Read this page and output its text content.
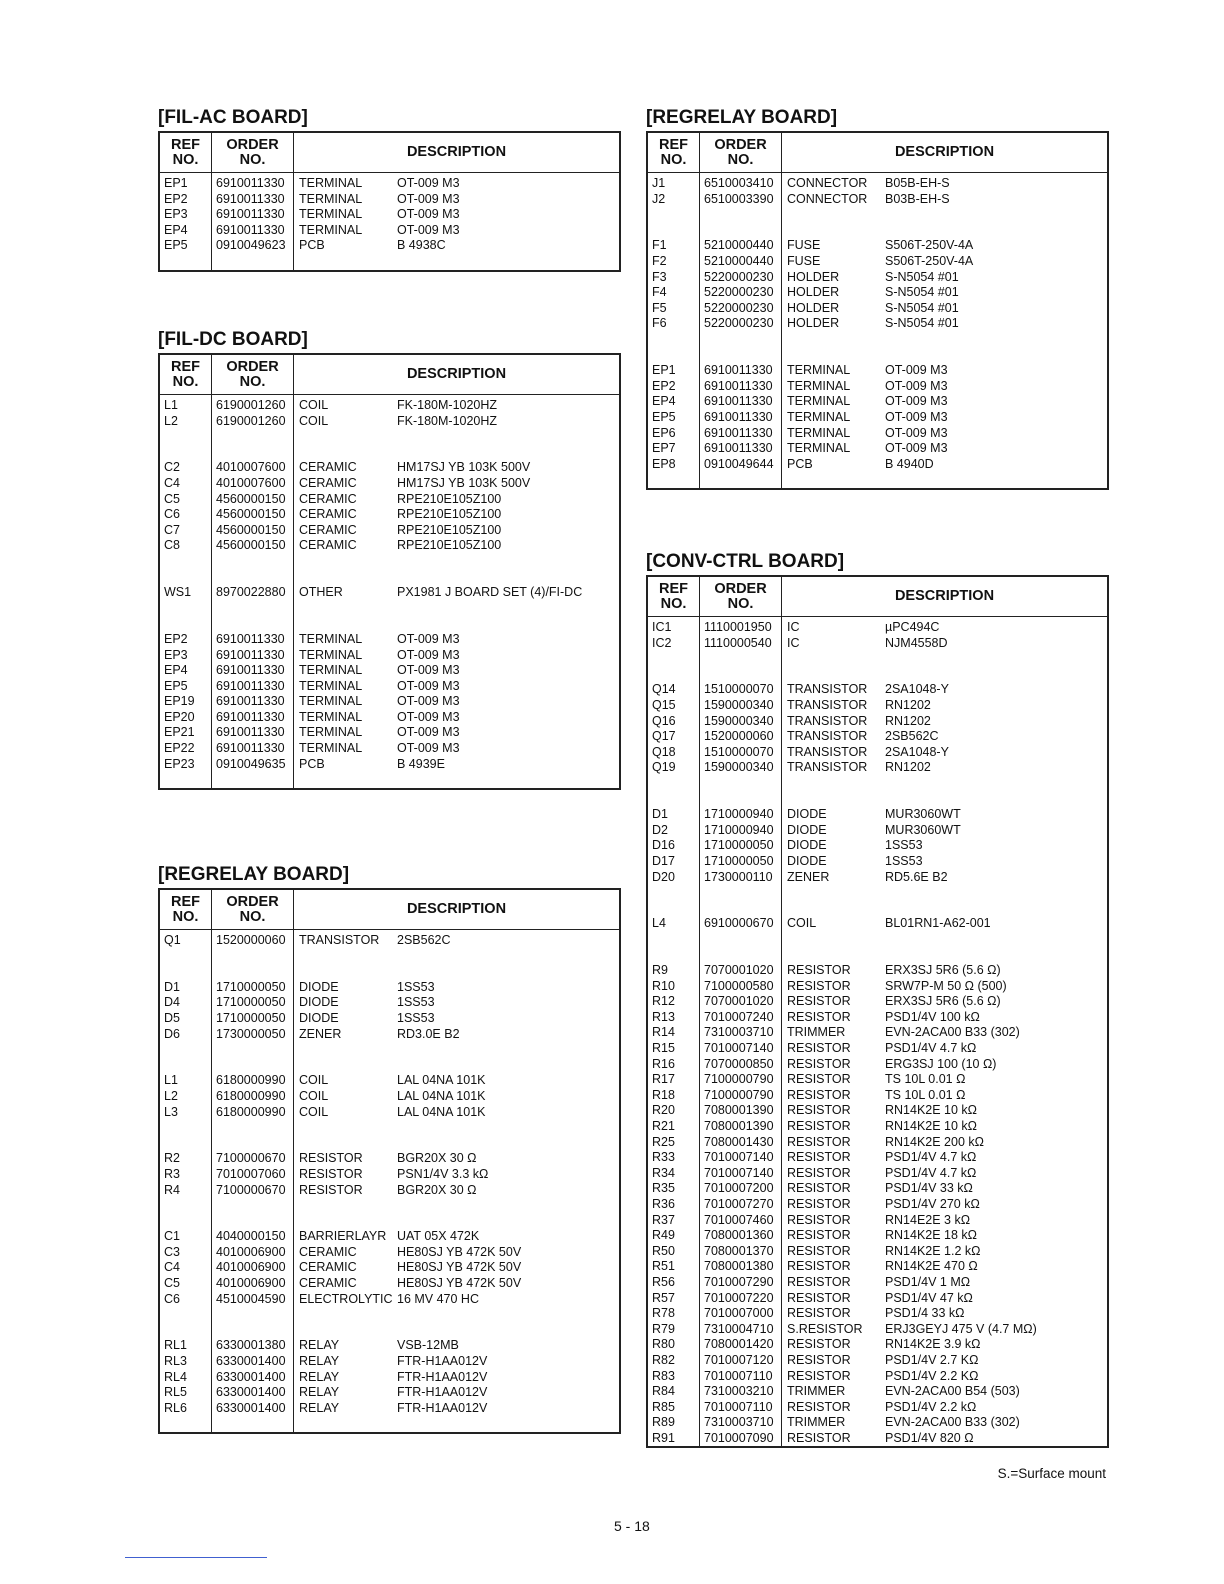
[FIL-AC BOARD]
REF
NO.
ORDER
NO.	DESCRIPTION
EP1	6910011330	TERMINAL	OT-009 M3
EP2	6910011330	TERMINAL	OT-009 M3
EP3	6910011330	TERMINAL	OT-009 M3
EP4	6910011330	TERMINAL	OT-009 M3
EP5	0910049623	PCB	B 4938C
[FIL-DC BOARD]
REF
NO.
ORDER
NO.	DESCRIPTION
L1	6190001260	COIL	FK-180M-1020HZ
L2	6190001260	COIL	FK-180M-1020HZ
C2	4010007600	CERAMIC	HM17SJ YB 103K 500V
C4	4010007600	CERAMIC	HM17SJ YB 103K 500V
C5	4560000150	CERAMIC	RPE210E105Z100
C6	4560000150	CERAMIC	RPE210E105Z100
C7	4560000150	CERAMIC	RPE210E105Z100
C8	4560000150	CERAMIC	RPE210E105Z100
WS1	8970022880	OTHER	PX1981 J BOARD SET (4)/FI-DC
EP2	6910011330	TERMINAL	OT-009 M3
EP3	6910011330	TERMINAL	OT-009 M3
EP4	6910011330	TERMINAL	OT-009 M3
EP5	6910011330	TERMINAL	OT-009 M3
EP19	6910011330	TERMINAL	OT-009 M3
EP20	6910011330	TERMINAL	OT-009 M3
EP21	6910011330	TERMINAL	OT-009 M3
EP22	6910011330	TERMINAL	OT-009 M3
EP23	0910049635	PCB	B 4939E
[REGRELAY BOARD]
REF
NO.
ORDER
NO.	DESCRIPTION
Q1	1520000060	TRANSISTOR	2SB562C
D1	1710000050	DIODE	1SS53
D4	1710000050	DIODE	1SS53
D5	1710000050	DIODE	1SS53
D6	1730000050	ZENER	RD3.0E B2
L1	6180000990	COIL	LAL 04NA 101K
L2	6180000990	COIL	LAL 04NA 101K
L3	6180000990	COIL	LAL 04NA 101K
R2	7100000670	RESISTOR	BGR20X 30 Ω
R3	7010007060	RESISTOR	PSN1/4V 3.3 kΩ
R4	7100000670	RESISTOR	BGR20X 30 Ω
C1	4040000150	BARRIERLAYR UAT 05X 472K
C3	4010006900	CERAMIC	HE80SJ YB 472K 50V
C4	4010006900	CERAMIC	HE80SJ YB 472K 50V
C5	4010006900	CERAMIC	HE80SJ YB 472K 50V
C6	4510004590	ELECTROLYTIC 16 MV 470 HC
RL1	6330001380	RELAY	VSB-12MB
RL3	6330001400	RELAY	FTR-H1AA012V
RL4	6330001400	RELAY	FTR-H1AA012V
RL5	6330001400	RELAY	FTR-H1AA012V
RL6	6330001400	RELAY	FTR-H1AA012V
[REGRELAY BOARD]
REF
NO.
ORDER
NO.	DESCRIPTION
J1	6510003410	CONNECTOR	B05B-EH-S
J2	6510003390	CONNECTOR	B03B-EH-S
F1	5210000440	FUSE	S506T-250V-4A
F2	5210000440	FUSE	S506T-250V-4A
F3	5220000230	HOLDER	S-N5054 #01
F4	5220000230	HOLDER	S-N5054 #01
F5	5220000230	HOLDER	S-N5054 #01
F6	5220000230	HOLDER	S-N5054 #01
EP1	6910011330	TERMINAL	OT-009 M3
EP2	6910011330	TERMINAL	OT-009 M3
EP4	6910011330	TERMINAL	OT-009 M3
EP5	6910011330	TERMINAL	OT-009 M3
EP6	6910011330	TERMINAL	OT-009 M3
EP7	6910011330	TERMINAL	OT-009 M3
EP8	0910049644	PCB	B 4940D
[CONV-CTRL BOARD]
REF
NO.
ORDER
NO.	DESCRIPTION
IC1	1110001950	IC	µPC494C
IC2	1110000540	IC	NJM4558D
Q14	1510000070	TRANSISTOR	2SA1048-Y
Q15	1590000340	TRANSISTOR	RN1202
Q16	1590000340	TRANSISTOR	RN1202
Q17	1520000060	TRANSISTOR	2SB562C
Q18	1510000070	TRANSISTOR	2SA1048-Y
Q19	1590000340	TRANSISTOR	RN1202
D1	1710000940	DIODE	MUR3060WT
D2	1710000940	DIODE	MUR3060WT
D16	1710000050	DIODE	1SS53
D17	1710000050	DIODE	1SS53
D20	1730000110	ZENER	RD5.6E B2
L4	6910000670	COIL	BL01RN1-A62-001
R9	7070001020	RESISTOR	ERX3SJ 5R6 (5.6 Ω)
R10	7100000580	RESISTOR	SRW7P-M 50 Ω (500)
R12	7070001020	RESISTOR	ERX3SJ 5R6 (5.6 Ω)
R13	7010007240	RESISTOR	PSD1/4V 100 kΩ
R14	7310003710	TRIMMER	EVN-2ACA00 B33 (302)
R15	7010007140	RESISTOR	PSD1/4V 4.7 kΩ
R16	7070000850	RESISTOR	ERG3SJ 100 (10 Ω)
R17	7100000790	RESISTOR	TS 10L 0.01 Ω
R18	7100000790	RESISTOR	TS 10L 0.01 Ω
R20	7080001390	RESISTOR	RN14K2E 10 kΩ
R21	7080001390	RESISTOR	RN14K2E 10 kΩ
R25	7080001430	RESISTOR	RN14K2E 200 kΩ
R33	7010007140	RESISTOR	PSD1/4V 4.7 kΩ
R34	7010007140	RESISTOR	PSD1/4V 4.7 kΩ
R35	7010007200	RESISTOR	PSD1/4V 33 kΩ
R36	7010007270	RESISTOR	PSD1/4V 270 kΩ
R37	7010007460	RESISTOR	RN14E2E 3 kΩ
R49	7080001360	RESISTOR	RN14K2E 18 kΩ
R50	7080001370	RESISTOR	RN14K2E 1.2 kΩ
R51	7080001380	RESISTOR	RN14K2E 470 Ω
R56	7010007290	RESISTOR	PSD1/4V 1 MΩ
R57	7010007220	RESISTOR	PSD1/4V 47 kΩ
R78	7010007000	RESISTOR	PSD1/4 33 kΩ
R79	7310004710	S.RESISTOR	ERJ3GEYJ 475 V (4.7 MΩ)
R80	7080001420	RESISTOR	RN14K2E 3.9 kΩ
R82	7010007120	RESISTOR	PSD1/4V 2.7 KΩ
R83	7010007110	RESISTOR	PSD1/4V 2.2 KΩ
R84	7310003210	TRIMMER	EVN-2ACA00 B54 (503)
R85	7010007110	RESISTOR	PSD1/4V 2.2 kΩ
R89	7310003710	TRIMMER	EVN-2ACA00 B33 (302)
R91	7010007090	RESISTOR	PSD1/4V 820 Ω
S.=Surface mount
5 - 18
